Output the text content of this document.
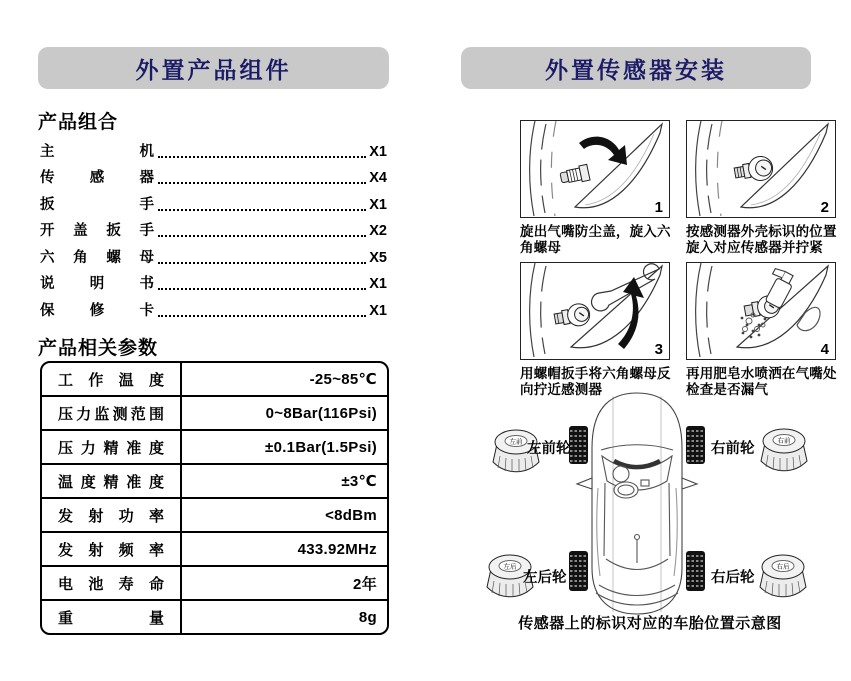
外置产品组件
产品组合
主机	X1
传感器	X4
扳手	X1
开盖扳手	X2
六角螺母	X5
说明书	X1
保修卡	X1
产品相关参数
工作温度	-25~85℃
压力监测范围	0~8Bar(116Psi)
压力精准度	±0.1Bar(1.5Psi)
温度精准度	±3℃
发射功率	<8dBm
发射频率	433.92MHz
电池寿命	2年
重量	8g
外置传感器安装
1
旋出气嘴防尘盖，旋入六角螺母
2
按感测器外壳标识的位置旋入对应传感器并拧紧
3
用螺帽扳手将六角螺母反向拧近感测器
4
再用肥皂水喷洒在气嘴处检查是否漏气
左前	右前
左后	右后
左前轮	右前轮
左后轮	右后轮
传感器上的标识对应的车胎位置示意图
